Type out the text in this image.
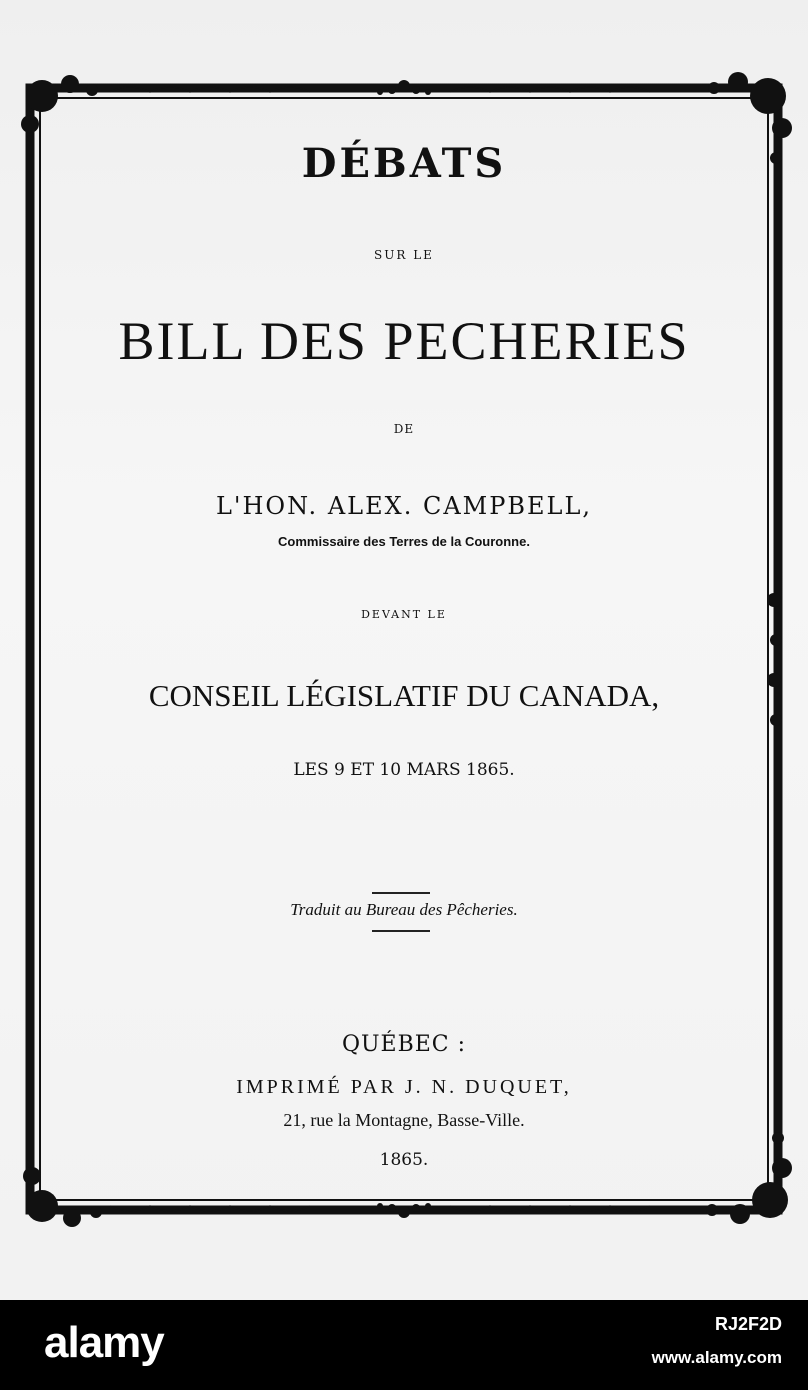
DÉBATS
SUR LE
BILL DES PECHERIES
DE
L'HON. ALEX. CAMPBELL,
Commissaire des Terres de la Couronne.
DEVANT LE
CONSEIL LÉGISLATIF DU CANADA,
LES 9 ET 10 MARS 1865.
Traduit au Bureau des Pêcheries.
QUÉBEC :
IMPRIMÉ PAR J. N. DUQUET,
21, rue la Montagne, Basse-Ville.
1865.
alamy	RJ2F2D
www.alamy.com
